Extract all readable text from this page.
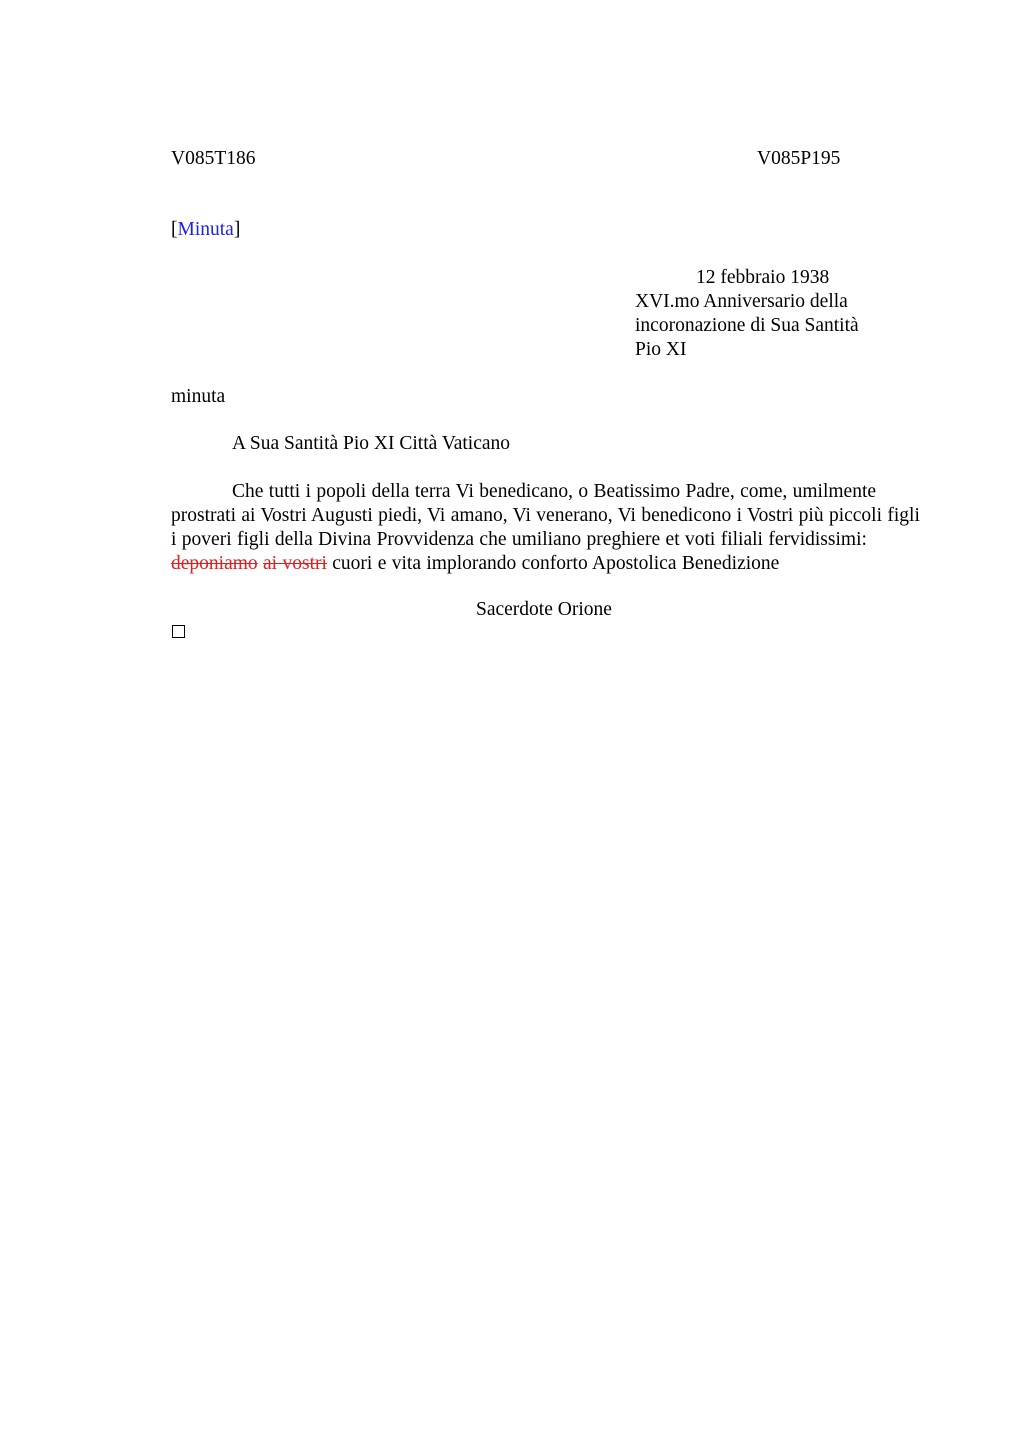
V085T186	V085P195
[Minuta]
12 febbraio 1938
XVI.mo Anniversario della
incoronazione di Sua Santità
Pio XI
minuta
A Sua Santità Pio XI Città Vaticano
Che tutti i popoli della terra Vi benedicano, o Beatissimo Padre, come, umilmente prostrati ai Vostri Augusti piedi, Vi amano, Vi venerano, Vi benedicono i Vostri più piccoli figli i poveri figli della Divina Provvidenza che umiliano preghiere et voti filiali fervidissimi: deponiamo ai vostri cuori e vita implorando conforto Apostolica Benedizione
Sacerdote Orione
